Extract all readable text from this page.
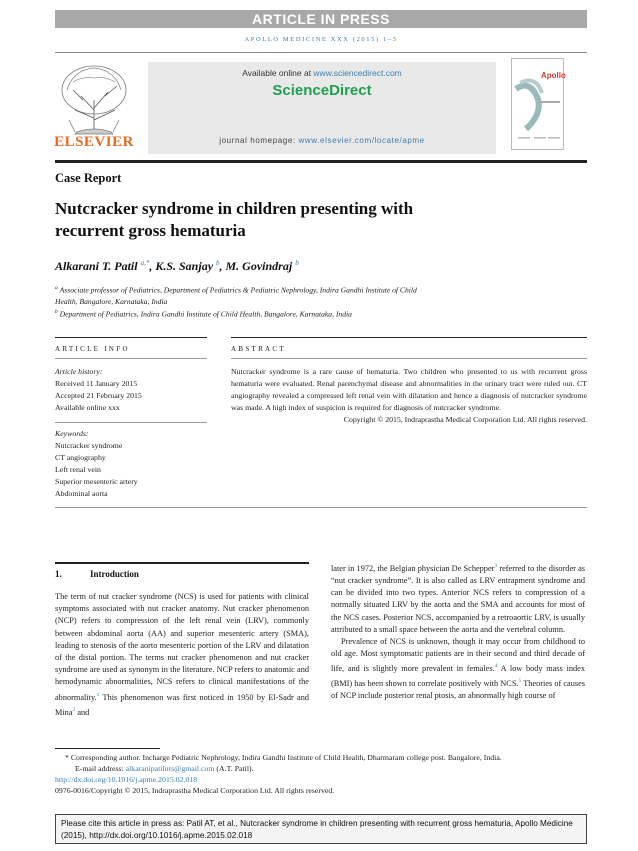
ARTICLE IN PRESS
APOLLO MEDICINE XXX (2015) 1–3
ELSEVIER
Available online at www.sciencedirect.com
ScienceDirect
journal homepage: www.elsevier.com/locate/apme
Apollo
Case Report
Nutcracker syndrome in children presenting with
recurrent gross hematuria
Alkarani T. Patil $^{a,*}$, K.S. Sanjay $^b$, M. Govindraj $^b$
$^a$ Associate professor of Pediatrics, Department of Pediatrics & Pediatric Nephrology, Indira Gandhi Institute of Child
Health, Bangalore, Karnataka, India
$^b$ Department of Pediatrics, Indira Gandhi Institute of Child Health, Bangalore, Karnataka, India
ARTICLE INFO	ABSTRACT
Article history:
Received 11 January 2015
Accepted 21 February 2015
Available online xxx
Keywords:
Nutcracker syndrome
CT angiography
Left renal vein
Superior mesenteric artery
Abdominal aorta

Nutcracker syndrome is a rare cause of hematuria. Two children who presented to us with recurrent gross hematuria were evaluated. Renal parenchymal disease and abnormalities in the urinary tract were ruled out. CT angiography revealed a compressed left renal vein with dilatation and hence a diagnosis of nutcracker syndrome was made. A high index of suspicion is required for diagnosis of nutcracker syndrome.

Copyright © 2015, Indraprastha Medical Corporation Ltd. All rights reserved.

1.	Introduction

The term of nut cracker syndrome (NCS) is used for patients with clinical symptoms associated with nut cracker anatomy. Nut cracker phenomenon (NCP) refers to compression of the left renal vein (LRV), commonly between abdominal aorta (AA) and superior mesenteric artery (SMA), leading to stenosis of the aorto mesenteric portion of the LRV and dilatation of the distal portion. The terms nut cracker phenomenon and nut cracker syndrome are used as synonym in the literature. NCP refers to anatomic and hemodynamic abnormalities, NCS refers to clinical manifestations of the abnormality.$^1$ This phenomenon was first noticed in 1950 by El-Sadr and Mina$^2$ and

later in 1972, the Belgian physician De Schepper$^3$ referred to the disorder as “nut cracker syndrome”. It is also called as LRV entrapment syndrome and can be divided into two types. Anterior NCS refers to compression of a normally situated LRV by the aorta and the SMA and accounts for most of the NCS cases. Posterior NCS, accompanied by a retroaortic LRV, is usually attributed to a small space between the aorta and the vertebral column.

Prevalence of NCS is unknown, though it may occur from childhood to old age. Most symptomatic patients are in their second and third decade of life, and is slightly more prevalent in females.$^4$ A low body mass index (BMI) has been shown to correlate positively with NCS.$^5$ Theories of causes of NCP include posterior renal ptosis, an abnormally high course of

* Corresponding author. Incharge Pediatric Nephrology, Indira Gandhi Institute of Child Health, Dharmaram college post. Bangalore, India.
E-mail address: alkaranipatilurs@gmail.com (A.T. Patil).
http://dx.doi.org/10.1016/j.apme.2015.02.018
0976-0016/Copyright © 2015, Indraprastha Medical Corporation Ltd. All rights reserved.
Please cite this article in press as: Patil AT, et al., Nutcracker syndrome in children presenting with recurrent gross hematuria, Apollo Medicine (2015), http://dx.doi.org/10.1016/j.apme.2015.02.018
